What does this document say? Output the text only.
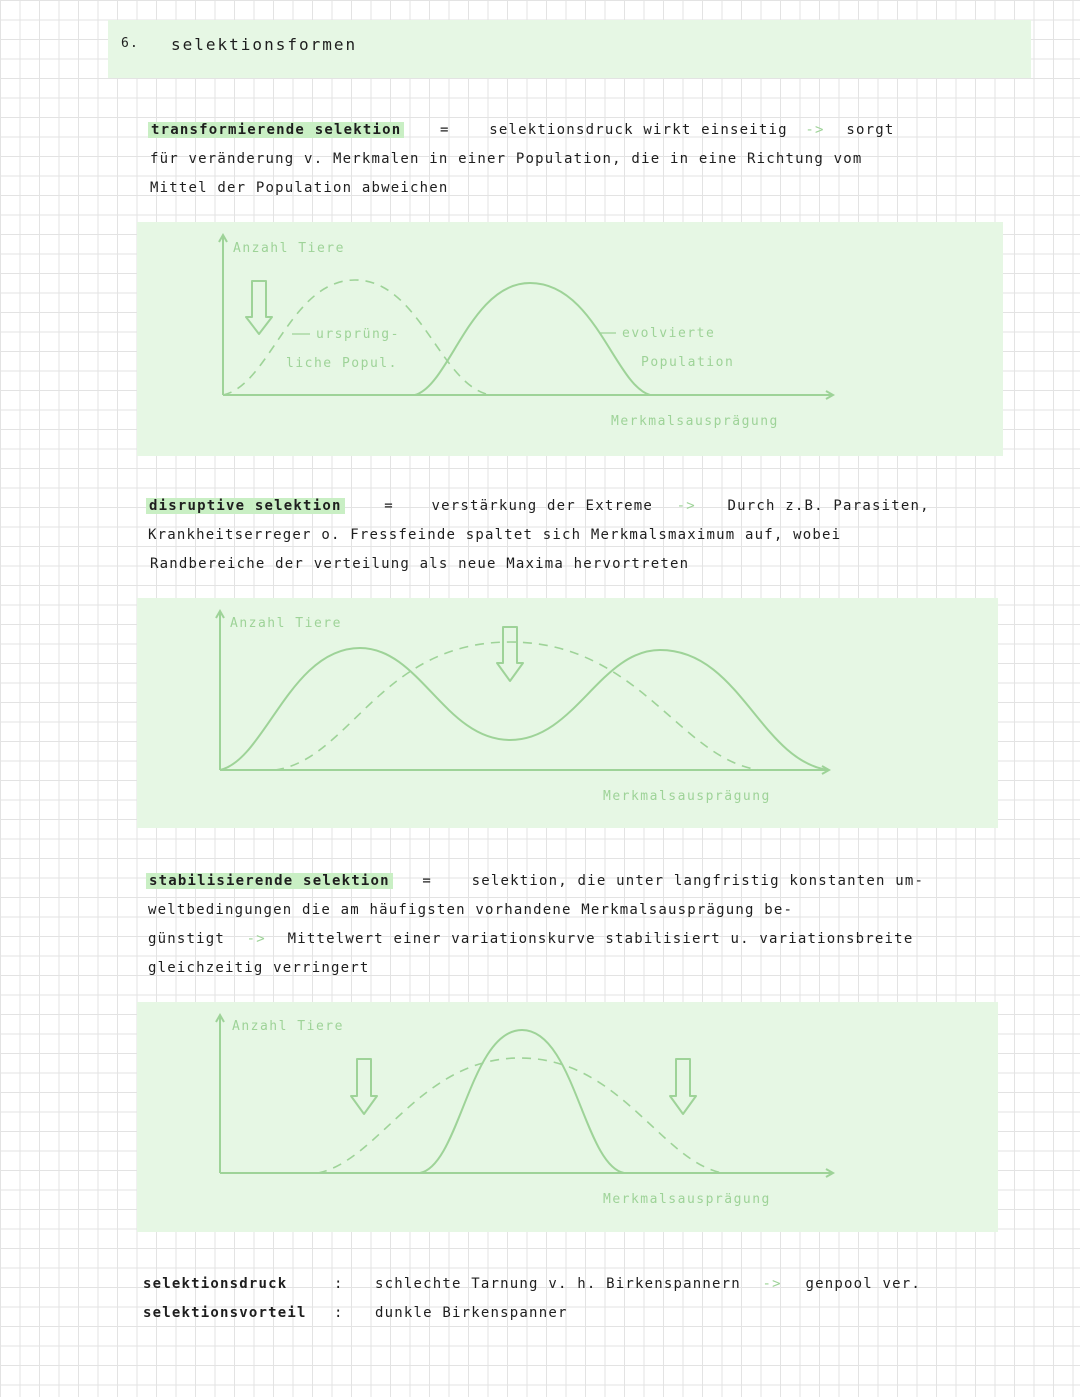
6. selektionsformen
transformierende selektion	=	selektionsdruck wirkt einseitig -> sorgt
für veränderung v. Merkmalen in einer Population, die in eine Richtung vom
Mittel der Population abweichen
Anzahl Tiere
ursprüng-
liche Popul.
evolvierte
Population
Merkmalsausprägung
disruptive selektion	=	verstärkung der Extreme -> Durch z.B. Parasiten,
Krankheitserreger o. Fressfeinde spaltet sich Merkmalsmaximum auf, wobei
Randbereiche der verteilung als neue Maxima hervortreten
Anzahl Tiere
Merkmalsausprägung
stabilisierende selektion =	selektion, die unter langfristig konstanten um-
weltbedingungen die am häufigsten vorhandene Merkmalsausprägung be-
günstigt -> Mittelwert einer variationskurve stabilisiert u. variationsbreite
gleichzeitig verringert
Anzahl Tiere
Merkmalsausprägung
selektionsdruck	: schlechte Tarnung v. h. Birkenspannern -> genpool ver.
selektionsvorteil : dunkle Birkenspanner
